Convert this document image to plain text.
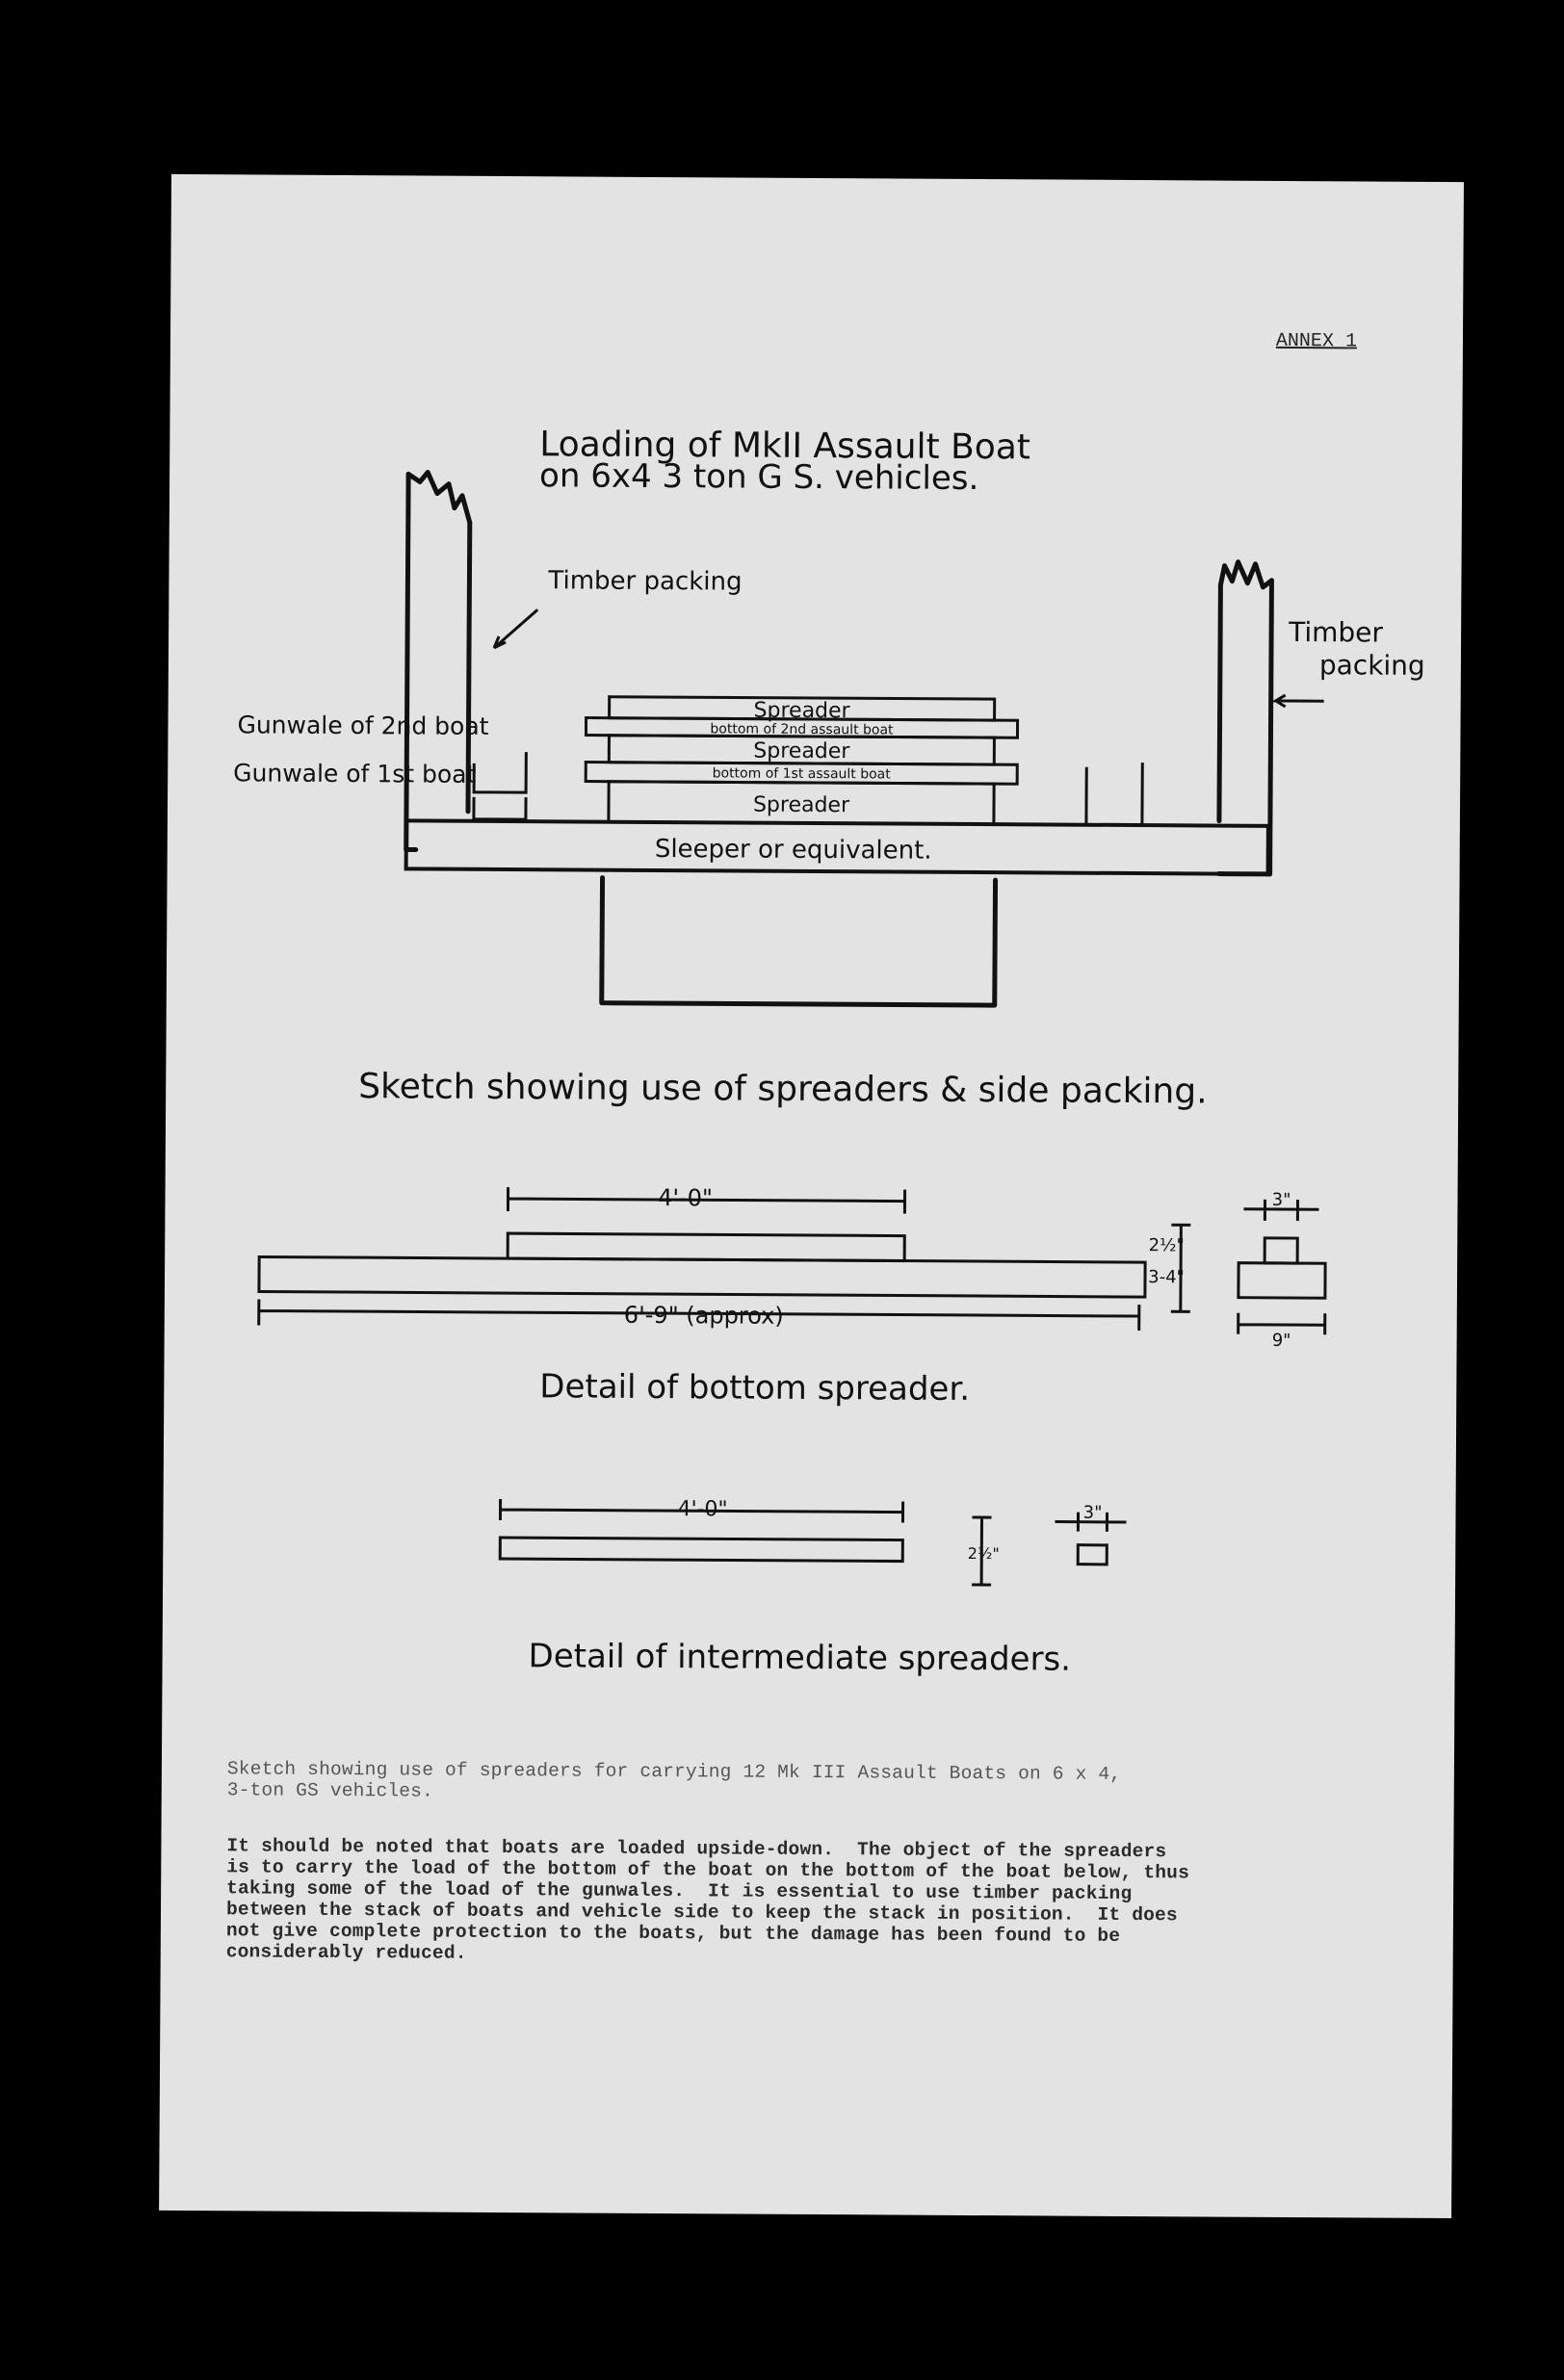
ANNEX 1
Loading of MkII Assault Boat
on 6x4 3 ton G S. vehicles.
Timber packing
Timber
packing
Gunwale of 2nd boat
Gunwale of 1st boat
Spreader
bottom of 2nd assault boat
Spreader
bottom of 1st assault boat
Spreader
Sleeper or equivalent.
Sketch showing use of spreaders & side packing.
4'-0"
6'-9" (approx)
2½"
3-4"
3"
9"
Detail of bottom spreader.
4'-0"
2½"
3"
Detail of intermediate spreaders.
Sketch showing use of spreaders for carrying 12 Mk III Assault Boats on 6 x 4,
3-ton GS vehicles.
It should be noted that boats are loaded upside-down.  The object of the spreaders
is to carry the load of the bottom of the boat on the bottom of the boat below, thus
taking some of the load of the gunwales.  It is essential to use timber packing
between the stack of boats and vehicle side to keep the stack in position.  It does
not give complete protection to the boats, but the damage has been found to be
considerably reduced.
